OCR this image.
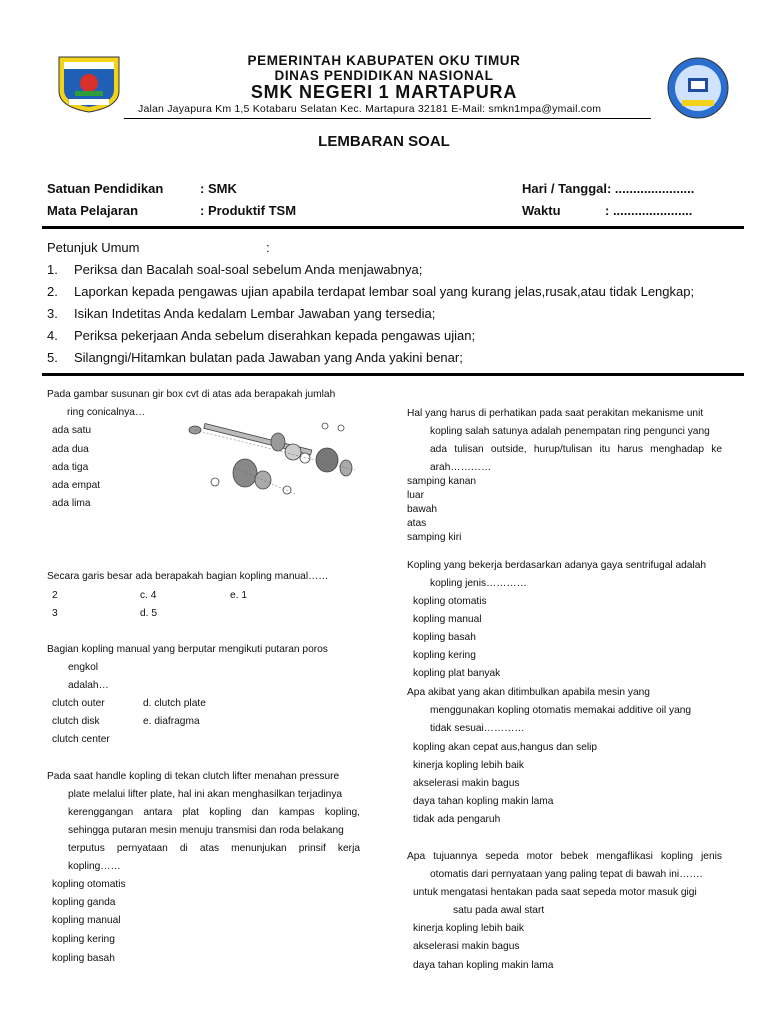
PEMERINTAH KABUPATEN OKU TIMUR
DINAS PENDIDIKAN NASIONAL
SMK NEGERI 1 MARTAPURA
Jalan Jayapura Km 1,5 Kotabaru Selatan Kec. Martapura 32181 E-Mail: smkn1mpa@ymail.com
LEMBARAN SOAL
Satuan Pendidikan	: SMK	Hari / Tanggal: ......................
Mata Pelajaran	: Produktif TSM	Waktu	: ......................
Petunjuk Umum	:
1. Periksa dan Bacalah soal-soal sebelum Anda menjawabnya;
2. Laporkan kepada pengawas ujian apabila terdapat lembar soal yang kurang jelas,rusak,atau tidak Lengkap;
3. Isikan Indetitas Anda kedalam Lembar Jawaban yang tersedia;
4. Periksa pekerjaan Anda sebelum diserahkan kepada pengawas ujian;
5. Silangngi/Hitamkan bulatan pada Jawaban yang Anda yakini benar;
Pada gambar susunan gir box cvt di atas ada berapakah jumlah
ring conicalnya…
ada satu
ada dua
ada tiga
ada empat
ada lima
Secara garis besar ada berapakah bagian kopling manual……
2	c. 4	e. 1
3	d. 5
Bagian kopling manual yang berputar mengikuti putaran poros
engkol
adalah…
clutch outer	d. clutch plate
clutch disk	e. diafragma
clutch center
Pada saat handle kopling di tekan clutch lifter menahan pressure
plate melalui lifter plate, hal ini akan menghasilkan terjadinya
kerenggangan antara plat kopling dan kampas kopling,
sehingga putaran mesin menuju transmisi dan roda belakang
terputus pernyataan di atas menunjukan prinsif kerja
kopling……
kopling otomatis
kopling ganda
kopling manual
kopling kering
kopling basah
Hal yang harus di perhatikan pada saat perakitan mekanisme unit
kopling salah satunya adalah penempatan ring pengunci yang
ada tulisan outside, hurup/tulisan itu harus menghadap ke
arah…………
samping kanan
luar
bawah
atas
samping kiri
Kopling yang bekerja berdasarkan adanya gaya sentrifugal adalah
kopling jenis…………
kopling otomatis
kopling manual
kopling basah
kopling kering
kopling plat banyak
Apa akibat yang akan ditimbulkan apabila mesin yang
menggunakan kopling otomatis memakai additive oil yang
tidak sesuai…………
kopling akan cepat aus,hangus dan selip
kinerja kopling lebih baik
akselerasi makin bagus
daya tahan kopling makin lama
tidak ada pengaruh
Apa tujuannya sepeda motor bebek mengaflikasi kopling jenis
otomatis dari pernyataan yang paling tepat di bawah ini…….
untuk mengatasi hentakan pada saat sepeda motor masuk gigi
satu pada awal start
kinerja kopling lebih baik
akselerasi makin bagus
daya tahan kopling makin lama
